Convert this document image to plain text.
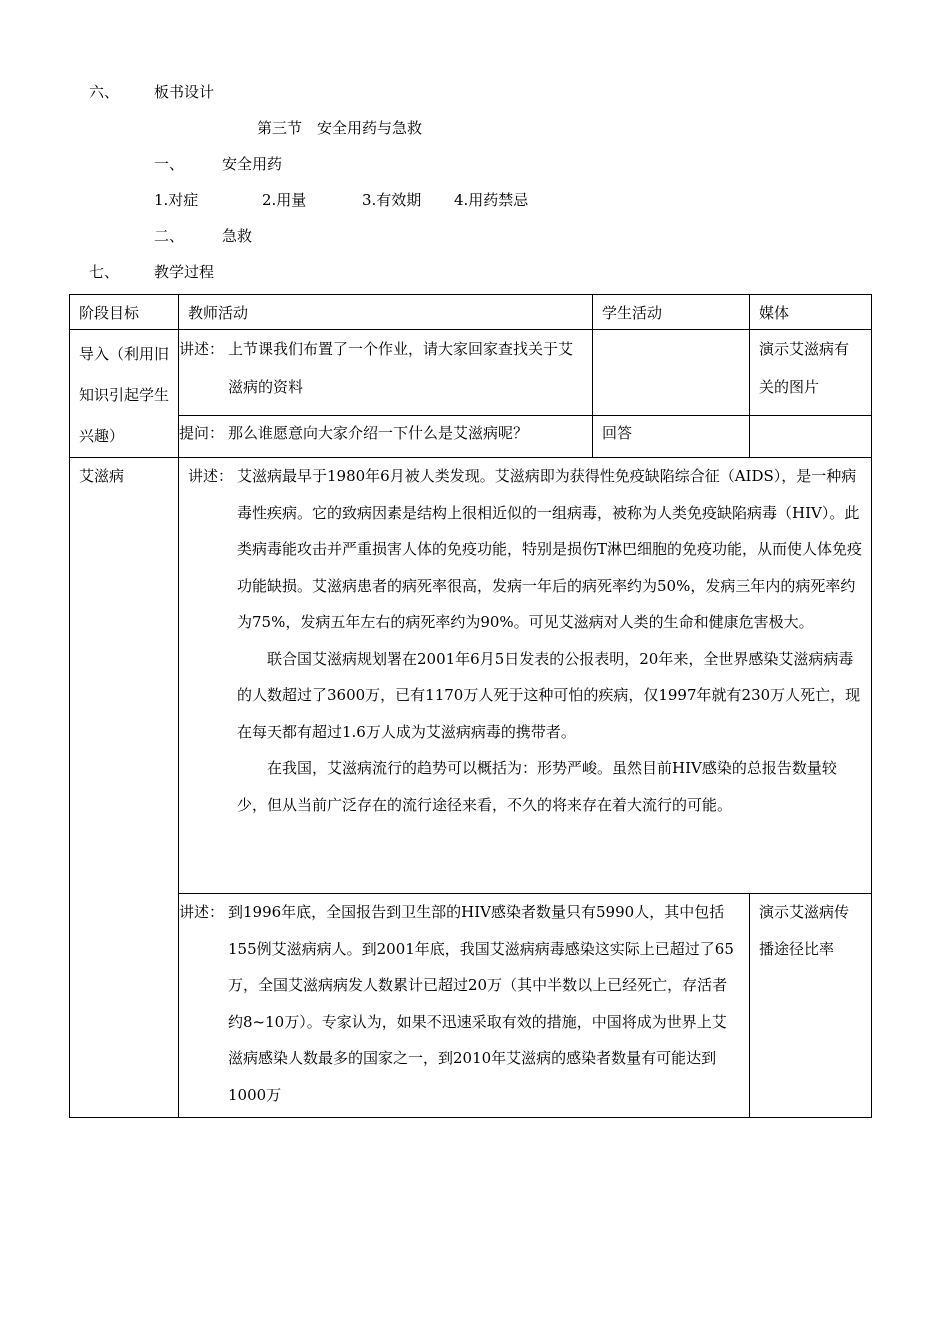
六、 板书设计
第三节　安全用药与急救
一、	安全用药
1.对症	2.用量	3.有效期 4.用药禁忌
二、	急救
七、 教学过程
阶段目标	教师活动	学生活动	媒体

导入（利用旧知识引起学生兴趣）	讲述： 上节课我们布置了一个作业，请大家回家查找关于艾滋病的资料		演示艾滋病有关的图片

	提问： 那么谁愿意向大家介绍一下什么是艾滋病呢？	回答	

艾滋病	讲述： 艾滋病最早于1980年6月被人类发现。艾滋病即为获得性免疫缺陷综合征（AIDS），是一种病毒性疾病。它的致病因素是结构上很相近似的一组病毒，被称为人类免疫缺陷病毒（HIV）。此类病毒能攻击并严重损害人体的免疫功能，特别是损伤T淋巴细胞的免疫功能，从而使人体免疫功能缺损。艾滋病患者的病死率很高，发病一年后的病死率约为50%，发病三年内的病死率约为75%，发病五年左右的病死率约为90%。可见艾滋病对人类的生命和健康危害极大。
联合国艾滋病规划署在2001年6月5日发表的公报表明，20年来，全世界感染艾滋病病毒的人数超过了3600万，已有1170万人死于这种可怕的疾病，仅1997年就有230万人死亡，现在每天都有超过1.6万人成为艾滋病病毒的携带者。
在我国，艾滋病流行的趋势可以概括为：形势严峻。虽然目前HIV感染的总报告数量较少，但从当前广泛存在的流行途径来看，不久的将来存在着大流行的可能。		

	讲述： 到1996年底，全国报告到卫生部的HIV感染者数量只有5990人，其中包括155例艾滋病病人。到2001年底，我国艾滋病病毒感染这实际上已超过了65万，全国艾滋病病发人数累计已超过20万（其中半数以上已经死亡，存活者约8~10万）。专家认为，如果不迅速采取有效的措施，中国将成为世界上艾滋病感染人数最多的国家之一，到2010年艾滋病的感染者数量有可能达到1000万		演示艾滋病传播途径比率
